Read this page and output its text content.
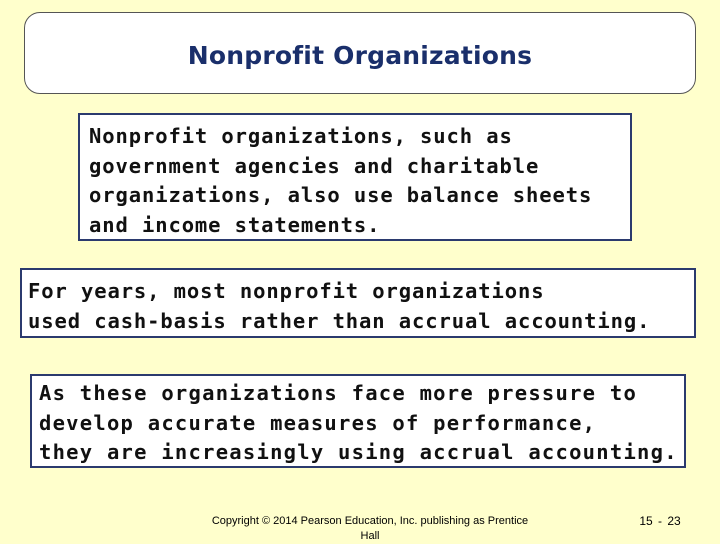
Nonprofit Organizations
Nonprofit organizations, such as
government agencies and charitable
organizations, also use balance sheets
and income statements.
For years, most nonprofit organizations
used cash-basis rather than accrual accounting.
As these organizations face more pressure to
develop accurate measures of performance,
they are increasingly using accrual accounting.
Copyright © 2014 Pearson Education, Inc. publishing as Prentice Hall
15 - 23
